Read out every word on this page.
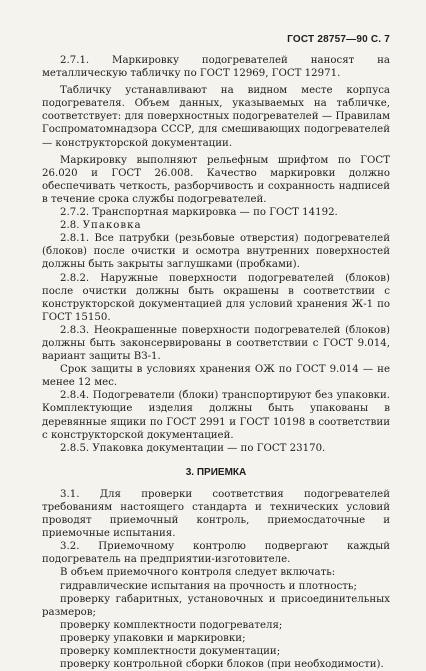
ГОСТ 28757—90 С. 7

2.7.1. Маркировку подогревателей наносят на металлическую табличку по ГОСТ 12969, ГОСТ 12971.

Табличку устанавливают на видном месте корпуса подогревателя. Объем данных, указываемых на табличке, соответствует: для поверхностных подогревателей — Правилам Госпроматомнадзора СССР, для смешивающих подогревателей — конструкторской документации.

Маркировку выполняют рельефным шрифтом по ГОСТ 26.020 и ГОСТ 26.008. Качество маркировки должно обеспечивать четкость, разборчивость и сохранность надписей в течение срока службы подогревателей.

2.7.2. Транспортная маркировка — по ГОСТ 14192.

2.8. Упаковка

2.8.1. Все патрубки (резьбовые отверстия) подогревателей (блоков) после очистки и осмотра внутренних поверхностей должны быть закрыты заглушками (пробками).

2.8.2. Наружные поверхности подогревателей (блоков) после очистки должны быть окрашены в соответствии с конструкторской документацией для условий хранения Ж-1 по ГОСТ 15150.

2.8.3. Неокрашенные поверхности подогревателей (блоков) должны быть законсервированы в соответствии с ГОСТ 9.014, вариант защиты ВЗ-1.

Срок защиты в условиях хранения ОЖ по ГОСТ 9.014 — не менее 12 мес.

2.8.4. Подогреватели (блоки) транспортируют без упаковки. Комплектующие изделия должны быть упакованы в деревянные ящики по ГОСТ 2991 и ГОСТ 10198 в соответствии с конструкторской документацией.

2.8.5. Упаковка документации — по ГОСТ 23170.

3. ПРИЕМКА

3.1. Для проверки соответствия подогревателей требованиям настоящего стандарта и технических условий проводят приемочный контроль, приемосдаточные и приемочные испытания.

3.2. Приемочному контролю подвергают каждый подогреватель на предприятии-изготовителе.

В объем приемочного контроля следует включать:

гидравлические испытания на прочность и плотность;

проверку габаритных, установочных и присоединительных размеров;

проверку комплектности подогревателя;

проверку упаковки и маркировки;

проверку комплектности документации;

проверку контрольной сборки блоков (при необходимости).
